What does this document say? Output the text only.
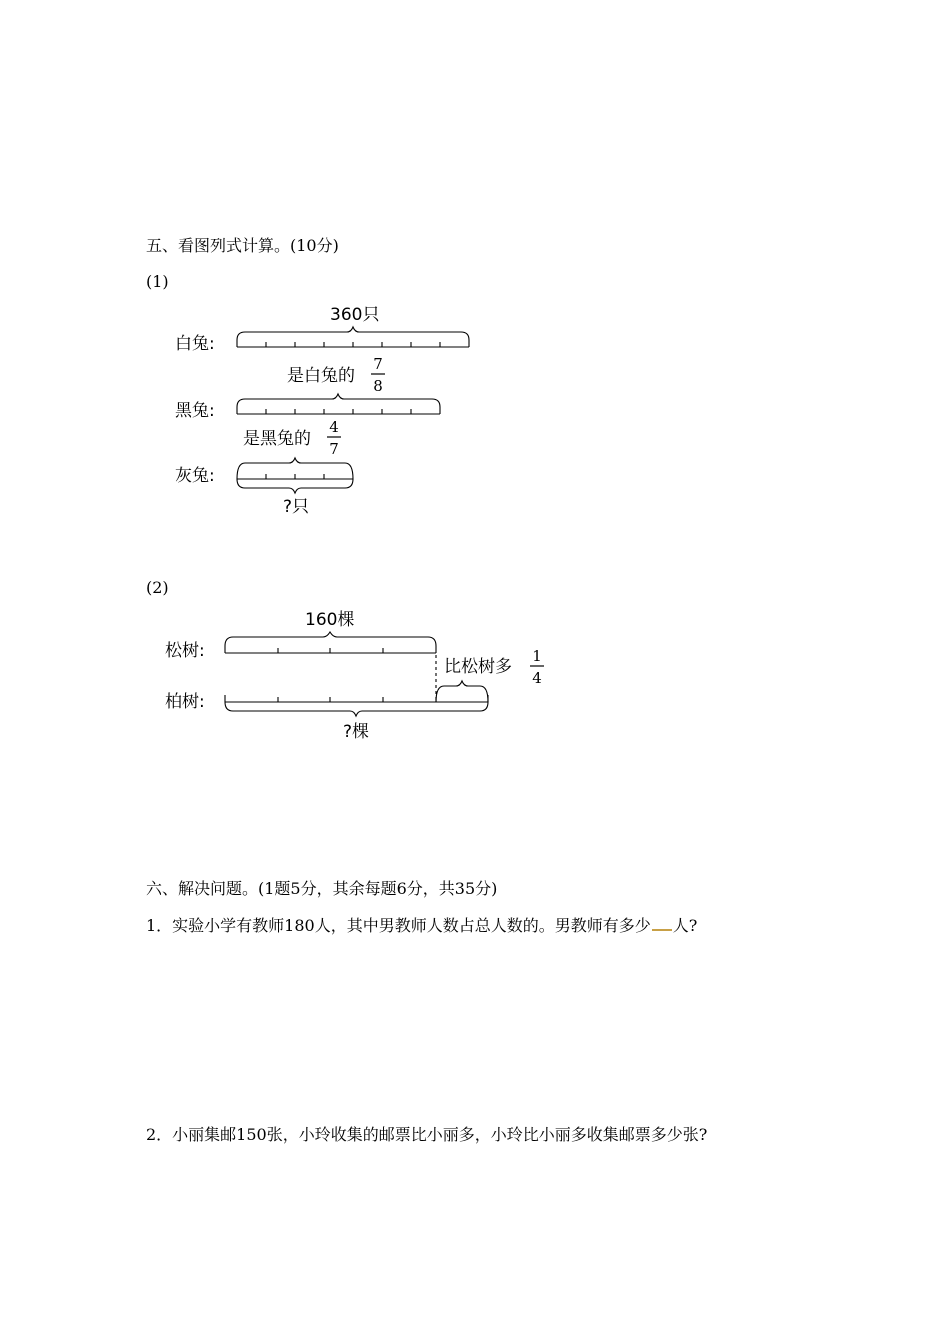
五、看图列式计算。(10分)
(1)
白兔:
360只
黑兔:
是白兔的
7
8
是黑兔的
4
7
灰兔:
?只
(2)
松树:
160棵
柏树:
比松树多
1
4
?棵
六、解决问题。(1题5分，其余每题6分，共35分)
1．实验小学有教师180人，其中男教师人数占总人数的。男教师有多少 人?
2．小丽集邮150张，小玲收集的邮票比小丽多，小玲比小丽多收集邮票多少张?
